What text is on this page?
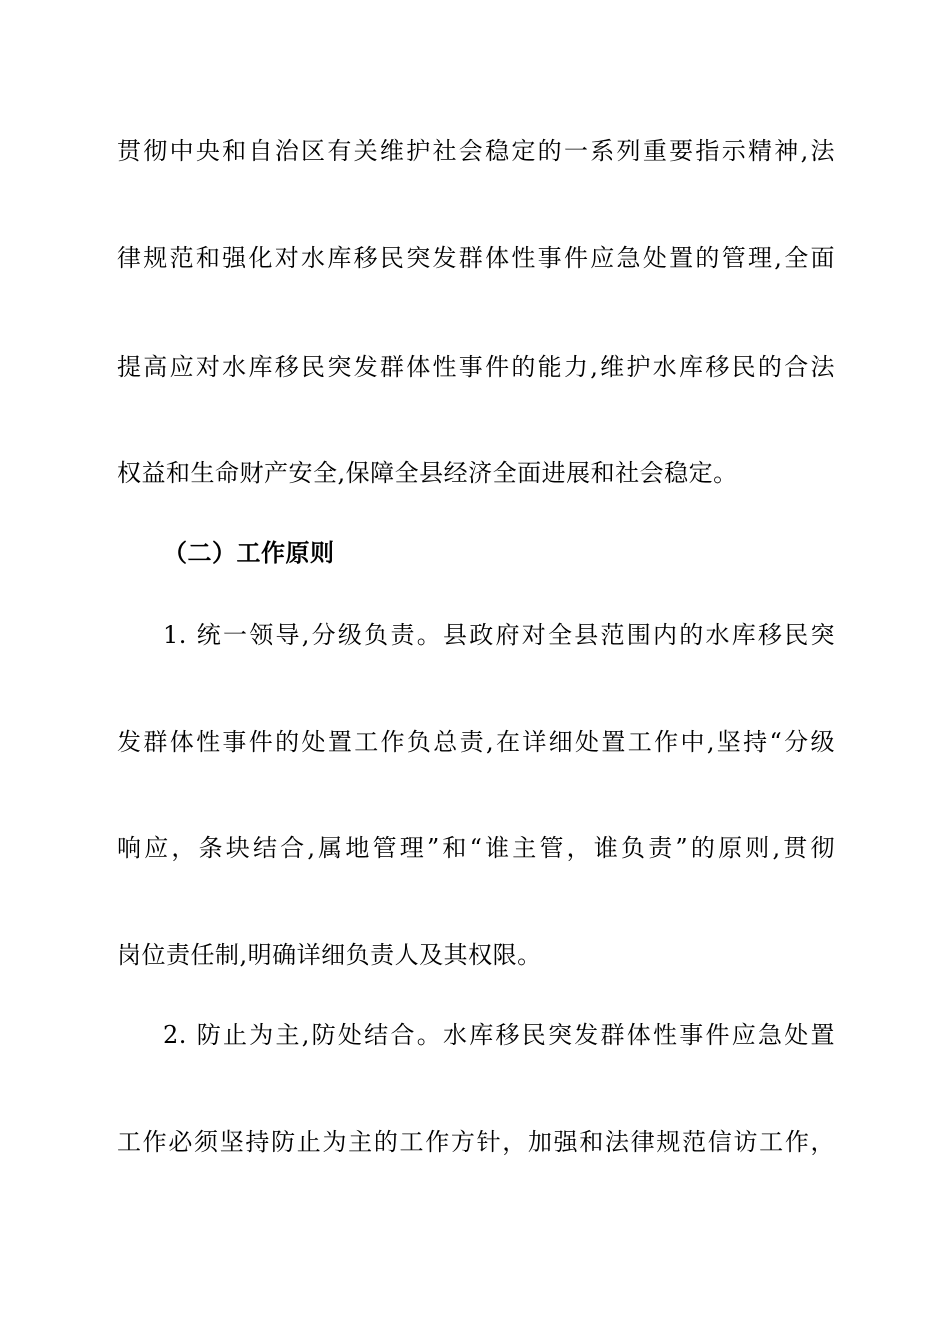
贯彻中央和自治区有关维护社会稳定的一系列重要指示精神,法
律规范和强化对水库移民突发群体性事件应急处置的管理,全面
提高应对水库移民突发群体性事件的能力,维护水库移民的合法
权益和生命财产安全,保障全县经济全面进展和社会稳定。
（二）工作原则
1. 统一领导,分级负责。县政府对全县范围内的水库移民突
发群体性事件的处置工作负总责,在详细处置工作中,坚持“分级
响应，条块结合,属地管理”和“谁主管，谁负责”的原则,贯彻
岗位责任制,明确详细负责人及其权限。
2. 防止为主,防处结合。水库移民突发群体性事件应急处置
工作必须坚持防止为主的工作方针，加强和法律规范信访工作，
